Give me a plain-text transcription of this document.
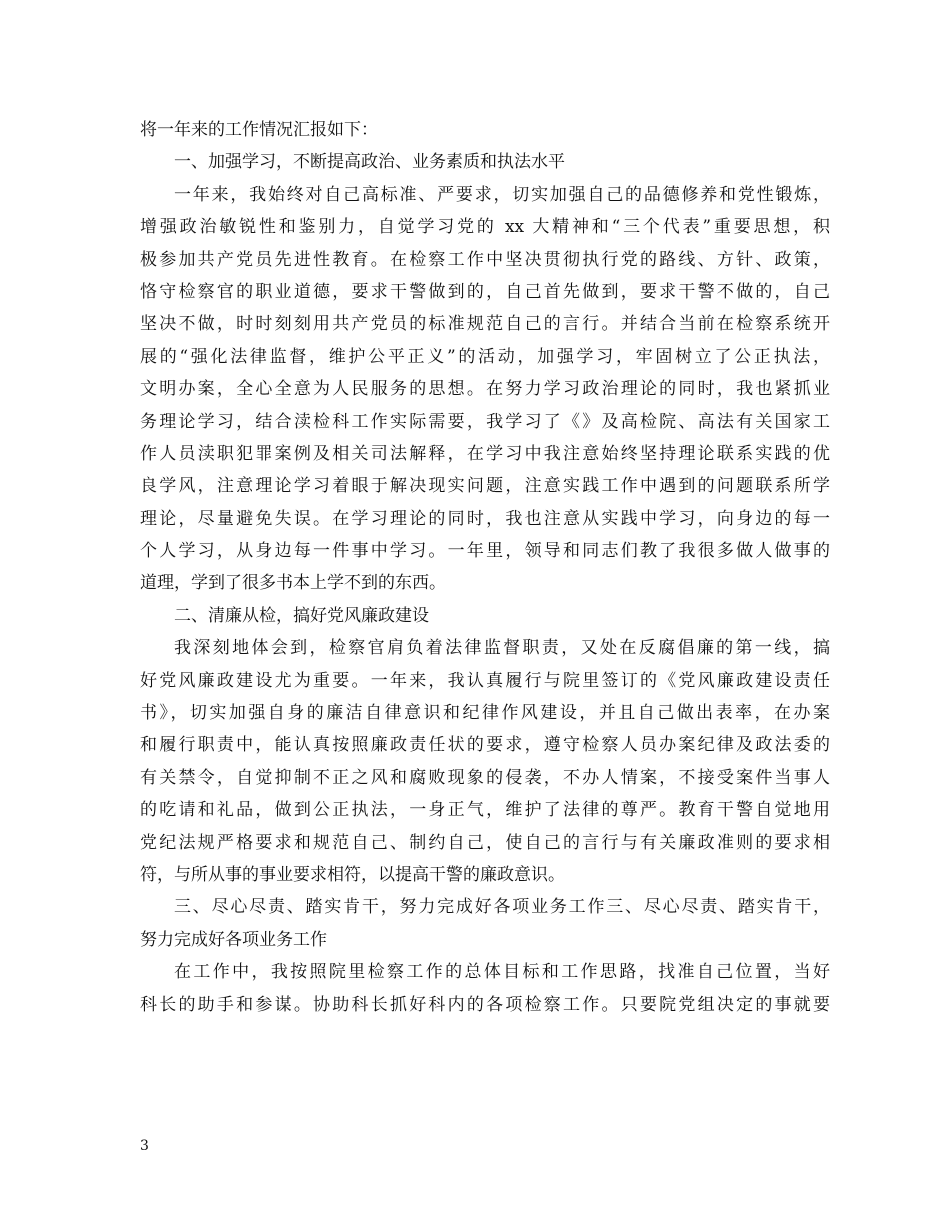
将一年来的工作情况汇报如下：
一、加强学习，不断提高政治、业务素质和执法水平
一年来，我始终对自己高标准、严要求，切实加强自己的品德修养和党性锻炼，
增强政治敏锐性和鉴别力，自觉学习党的 xx 大精神和“三个代表”重要思想，积
极参加共产党员先进性教育。在检察工作中坚决贯彻执行党的路线、方针、政策，
恪守检察官的职业道德，要求干警做到的，自己首先做到，要求干警不做的，自己
坚决不做，时时刻刻用共产党员的标准规范自己的言行。并结合当前在检察系统开
展的“强化法律监督，维护公平正义”的活动，加强学习，牢固树立了公正执法，
文明办案，全心全意为人民服务的思想。在努力学习政治理论的同时，我也紧抓业
务理论学习，结合渎检科工作实际需要，我学习了《》及高检院、高法有关国家工
作人员渎职犯罪案例及相关司法解释，在学习中我注意始终坚持理论联系实践的优
良学风，注意理论学习着眼于解决现实问题，注意实践工作中遇到的问题联系所学
理论，尽量避免失误。在学习理论的同时，我也注意从实践中学习，向身边的每一
个人学习，从身边每一件事中学习。一年里，领导和同志们教了我很多做人做事的
道理，学到了很多书本上学不到的东西。
二、清廉从检，搞好党风廉政建设
我深刻地体会到，检察官肩负着法律监督职责，又处在反腐倡廉的第一线，搞
好党风廉政建设尤为重要。一年来，我认真履行与院里签订的《党风廉政建设责任
书》，切实加强自身的廉洁自律意识和纪律作风建设，并且自己做出表率，在办案
和履行职责中，能认真按照廉政责任状的要求，遵守检察人员办案纪律及政法委的
有关禁令，自觉抑制不正之风和腐败现象的侵袭，不办人情案，不接受案件当事人
的吃请和礼品，做到公正执法，一身正气，维护了法律的尊严。教育干警自觉地用
党纪法规严格要求和规范自己、制约自己，使自己的言行与有关廉政准则的要求相
符，与所从事的事业要求相符，以提高干警的廉政意识。
三、尽心尽责、踏实肯干，努力完成好各项业务工作三、尽心尽责、踏实肯干，
努力完成好各项业务工作
在工作中，我按照院里检察工作的总体目标和工作思路，找准自己位置，当好
科长的助手和参谋。协助科长抓好科内的各项检察工作。只要院党组决定的事就要
3
